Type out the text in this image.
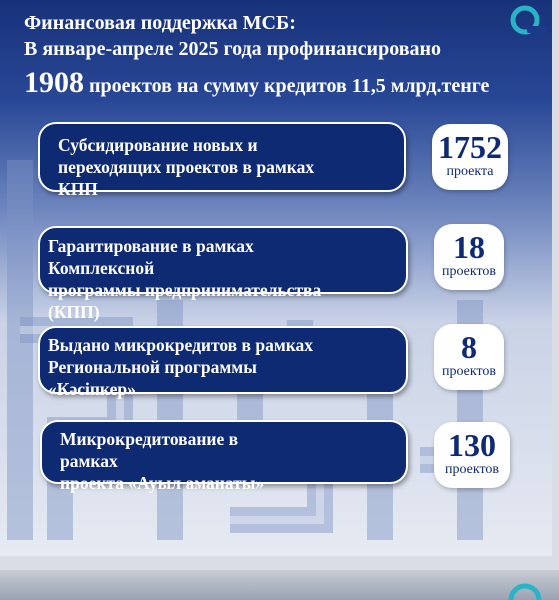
Финансовая поддержка МСБ:
В январе-апреле 2025 года профинансировано
1908 проектов на сумму кредитов 11,5 млрд.тенге
Субсидирование новых и
переходящих проектов в рамках
КПП
1752
проекта
Гарантирование в рамках
Комплексной
программы предпринимательства
(КПП)
18
проектов
Выдано микрокредитов в рамках
Региональной программы
«Кәсіпкер»
8
проектов
Микрокредитование в
рамках
проекта «Ауыл аманаты»
130
проектов
